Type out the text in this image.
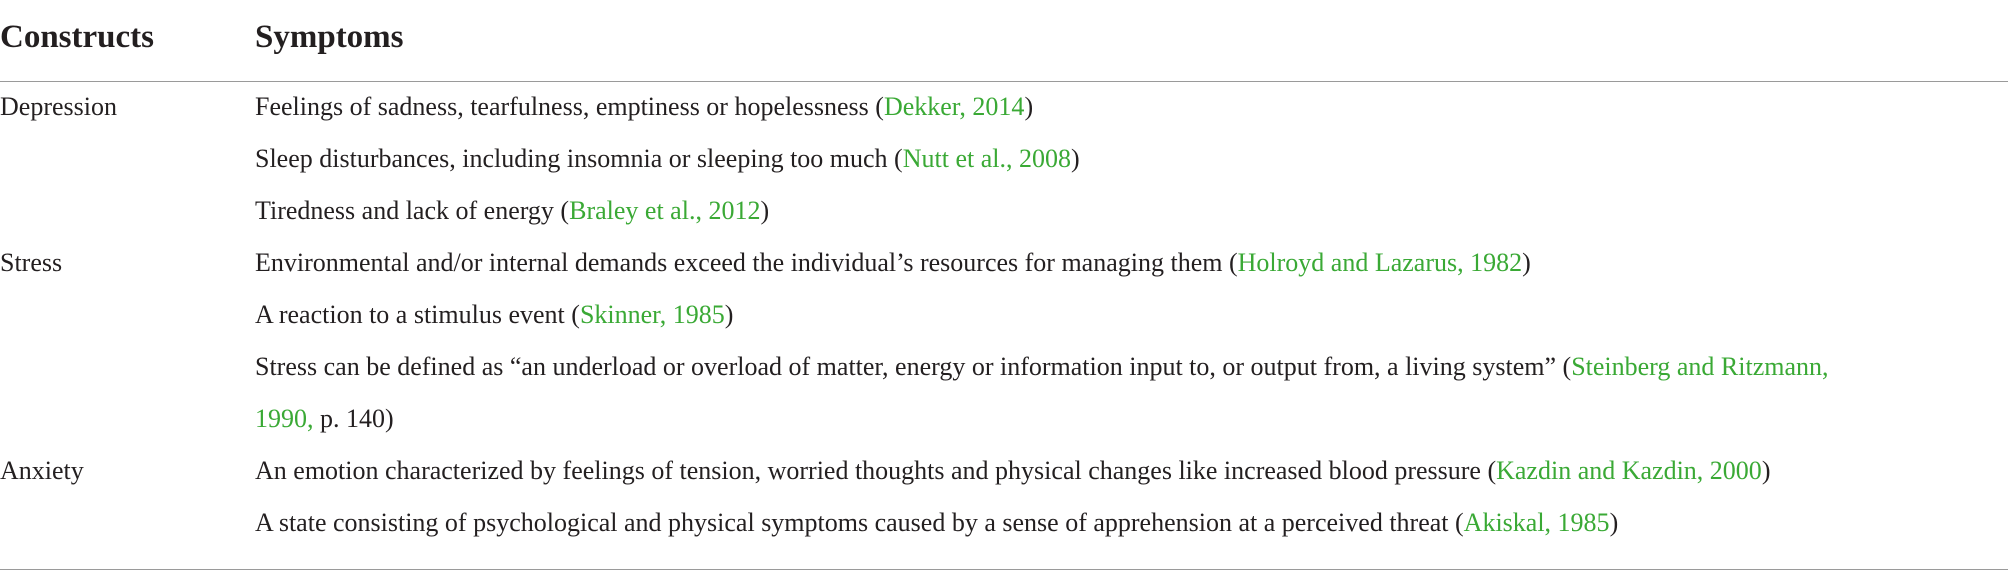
Constructs	Symptoms
Depression	Feelings of sadness, tearfulness, emptiness or hopelessness (Dekker, 2014)
Sleep disturbances, including insomnia or sleeping too much (Nutt et al., 2008)
Tiredness and lack of energy (Braley et al., 2012)
Stress	Environmental and/or internal demands exceed the individual’s resources for managing them (Holroyd and Lazarus, 1982)
A reaction to a stimulus event (Skinner, 1985)
Stress can be defined as “an underload or overload of matter, energy or information input to, or output from, a living system” (Steinberg and Ritzmann,
1990, p. 140)
Anxiety	An emotion characterized by feelings of tension, worried thoughts and physical changes like increased blood pressure (Kazdin and Kazdin, 2000)
A state consisting of psychological and physical symptoms caused by a sense of apprehension at a perceived threat (Akiskal, 1985)
